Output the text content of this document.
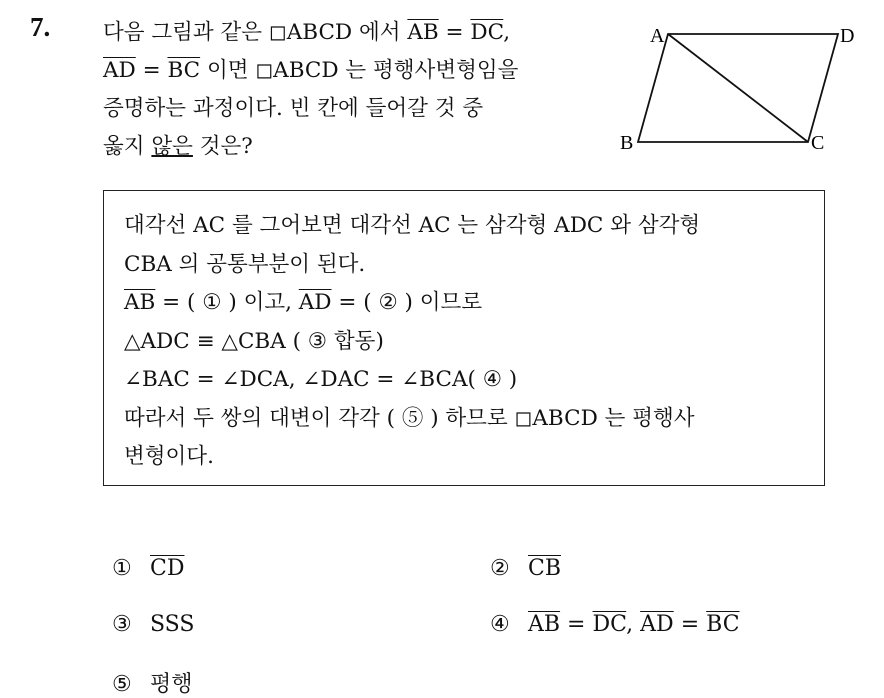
7. 다음 그림과 같은 ◻ABCD 에서 $\overline{AB} = \overline{DC}$,
$\overline{AD} = \overline{BC}$ 이면 ◻ABCD 는 평행사변형임을
증명하는 과정이다. 빈 칸에 들어갈 것 중
옳지 않은 것은?
A	D
B	C
대각선 AC 를 그어보면 대각선 AC 는 삼각형 ADC 와 삼각형
CBA 의 공통부분이 된다.
$\overline{AB}$ = ( ① ) 이고, $\overline{AD}$ = ( ② ) 이므로
△ADC ≡ △CBA ( ③ 합동)
∠BAC = ∠DCA, ∠DAC = ∠BCA( ④ )
따라서 두 쌍의 대변이 각각 ( ⑤ ) 하므로 ◻ABCD 는 평행사
변형이다.
① $\overline{CD}$	② $\overline{CB}$
③ SSS	④ $\overline{AB} = \overline{DC}$, $\overline{AD} = \overline{BC}$
⑤ 평행
